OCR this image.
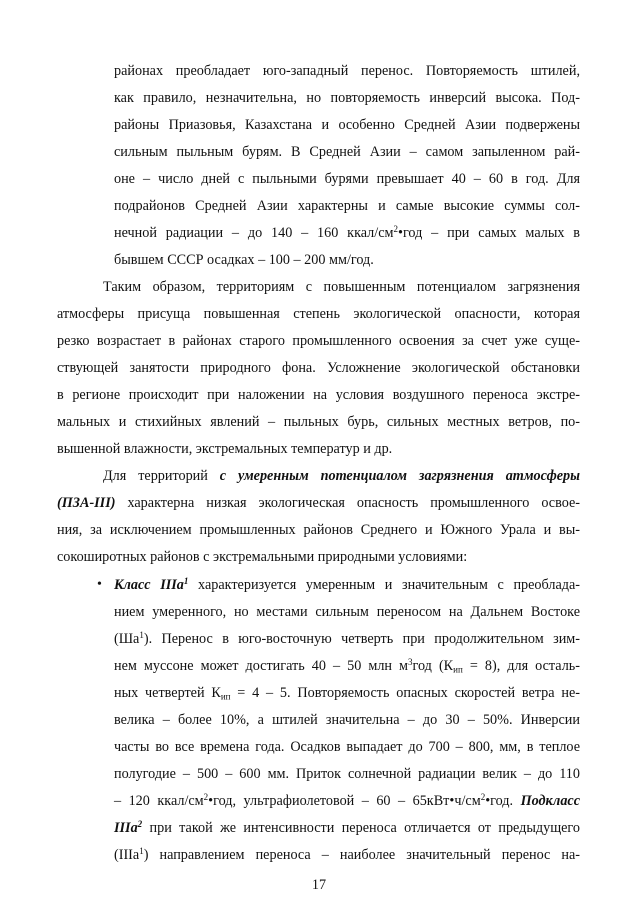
районах преобладает юго-западный перенос. Повторяемость штилей,
как правило, незначительна, но повторяемость инверсий высока. Под-
районы Приазовья, Казахстана и особенно Средней Азии подвержены
сильным пыльным бурям. В Средней Азии – самом запыленном рай-
оне – число дней с пыльными бурями превышает 40 – 60 в год. Для
подрайонов Средней Азии характерны и самые высокие суммы сол-
нечной радиации – до 140 – 160 ккал/$см^2•год$ – при самых малых в
бывшем СССР осадках – 100 – 200 мм/год.
Таким образом, территориям с повышенным потенциалом загрязнения
атмосферы присуща повышенная степень экологической опасности, которая
резко возрастает в районах старого промышленного освоения за счет уже суще-
ствующей занятости природного фона. Усложнение экологической обстановки
в регионе происходит при наложении на условия воздушного переноса экстре-
мальных и стихийных явлений – пыльных бурь, сильных местных ветров, по-
вышенной влажности, экстремальных температур и др.
Для территорий с умеренным потенциалом загрязнения атмосферы
(ПЗА-III) характерна низкая экологическая опасность промышленного освое-
ния, за исключением промышленных районов Среднего и Южного Урала и вы-
сокоширотных районов с экстремальными природными условиями:
• Класс IIIa$^1$ характеризуется умеренным и значительным с преоблада-
нием умеренного, но местами сильным переносом на Дальнем Востоке
$(Ша^1)$. Перенос в юго-восточную четверть при продолжительном зим-
нем муссоне может достигать 40 – 50 млн $м^3год$ $(К_{ип} = 8)$, для осталь-
ных четвертей $К_{ип} = 4 - 5$. Повторяемость опасных скоростей ветра не-
велика – более 10%, а штилей значительна – до 30 – 50%. Инверсии
часты во все времена года. Осадков выпадает до 700 – 800, мм, в теплое
полугодие – 500 – 600 мм. Приток солнечной радиации велик – до 110
– 120 ккал/$см^2•год$, ультрафиолетовой – $60 - 65кВт•ч/см^2•год$. Подкласс
IIIa$^2$ при такой же интенсивности переноса отличается от предыдущего
(IIIa$^1$) направлением переноса – наиболее значительный перенос на-
17
